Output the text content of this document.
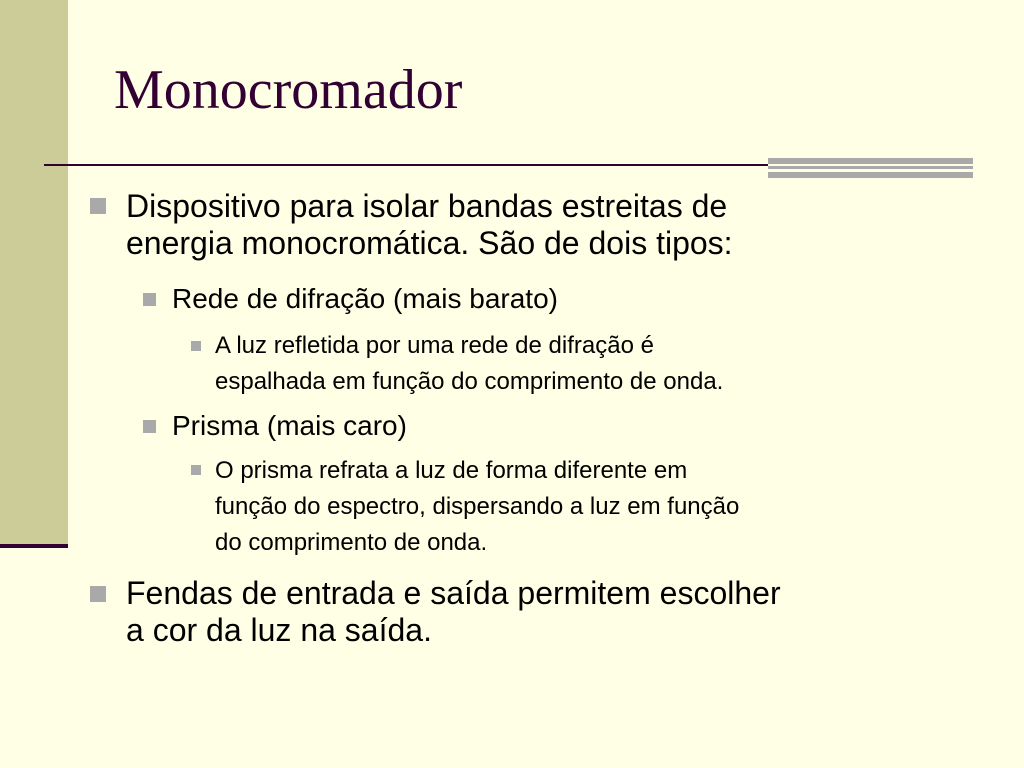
Monocromador
Dispositivo para isolar bandas estreitas de
energia monocromática. São de dois tipos:
Rede de difração (mais barato)
A luz refletida por uma rede de difração é
espalhada em função do comprimento de onda.
Prisma (mais caro)
O prisma refrata a luz de forma diferente em
função do espectro, dispersando a luz em função
do comprimento de onda.
Fendas de entrada e saída permitem escolher
a cor da luz na saída.
